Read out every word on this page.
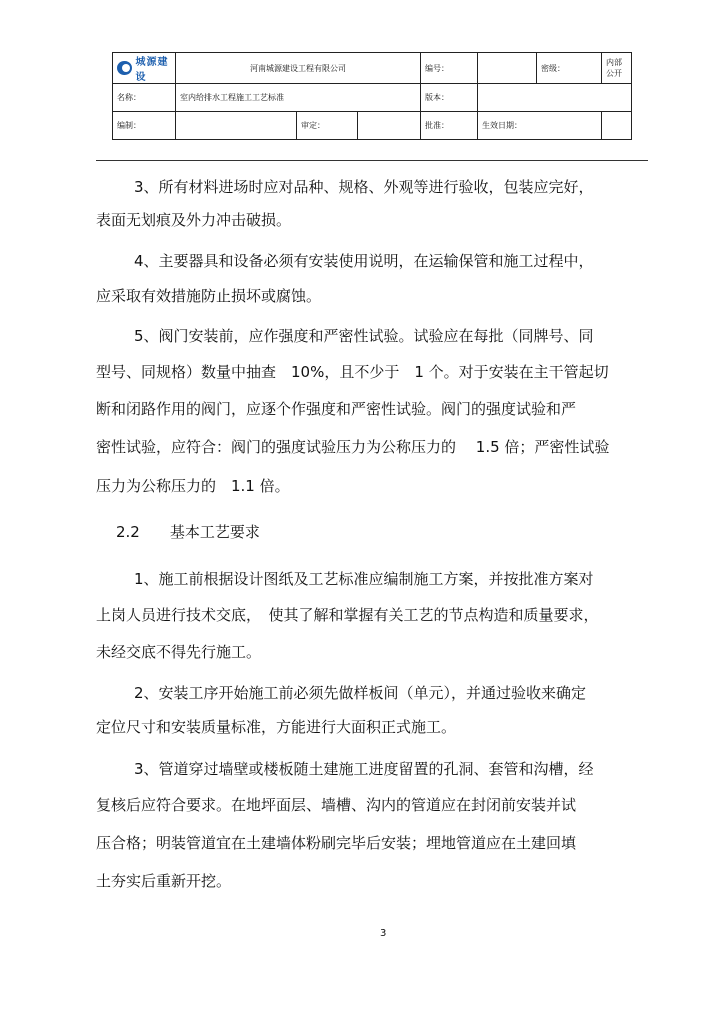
城源建设	河南城源建设工程有限公司			编号：		密级：	内部公开
名称：	室内给排水工程施工工艺标准			版本：			
编制：		审定：		批准：	生效日期：		
3、所有材料进场时应对品种、规格、外观等进行验收，包装应完好，
表面无划痕及外力冲击破损。
4、主要器具和设备必须有安装使用说明，在运输保管和施工过程中，
应采取有效措施防止损坏或腐蚀。
5、阀门安装前，应作强度和严密性试验。试验应在每批（同牌号、同
型号、同规格）数量中抽查　10%，且不少于　1 个。对于安装在主干管起切
断和闭路作用的阀门，应逐个作强度和严密性试验。阀门的强度试验和严
密性试验，应符合：阀门的强度试验压力为公称压力的　 1.5 倍；严密性试验
压力为公称压力的　1.1 倍。
2.2　　基本工艺要求
1、施工前根据设计图纸及工艺标准应编制施工方案，并按批准方案对
上岗人员进行技术交底，　使其了解和掌握有关工艺的节点构造和质量要求，
未经交底不得先行施工。
2、安装工序开始施工前必须先做样板间（单元），并通过验收来确定
定位尺寸和安装质量标准，方能进行大面积正式施工。
3、管道穿过墙壁或楼板随土建施工进度留置的孔洞、套管和沟槽，经
复核后应符合要求。在地坪面层、墙槽、沟内的管道应在封闭前安装并试
压合格；明装管道宜在土建墙体粉刷完毕后安装；埋地管道应在土建回填
土夯实后重新开挖。
3
